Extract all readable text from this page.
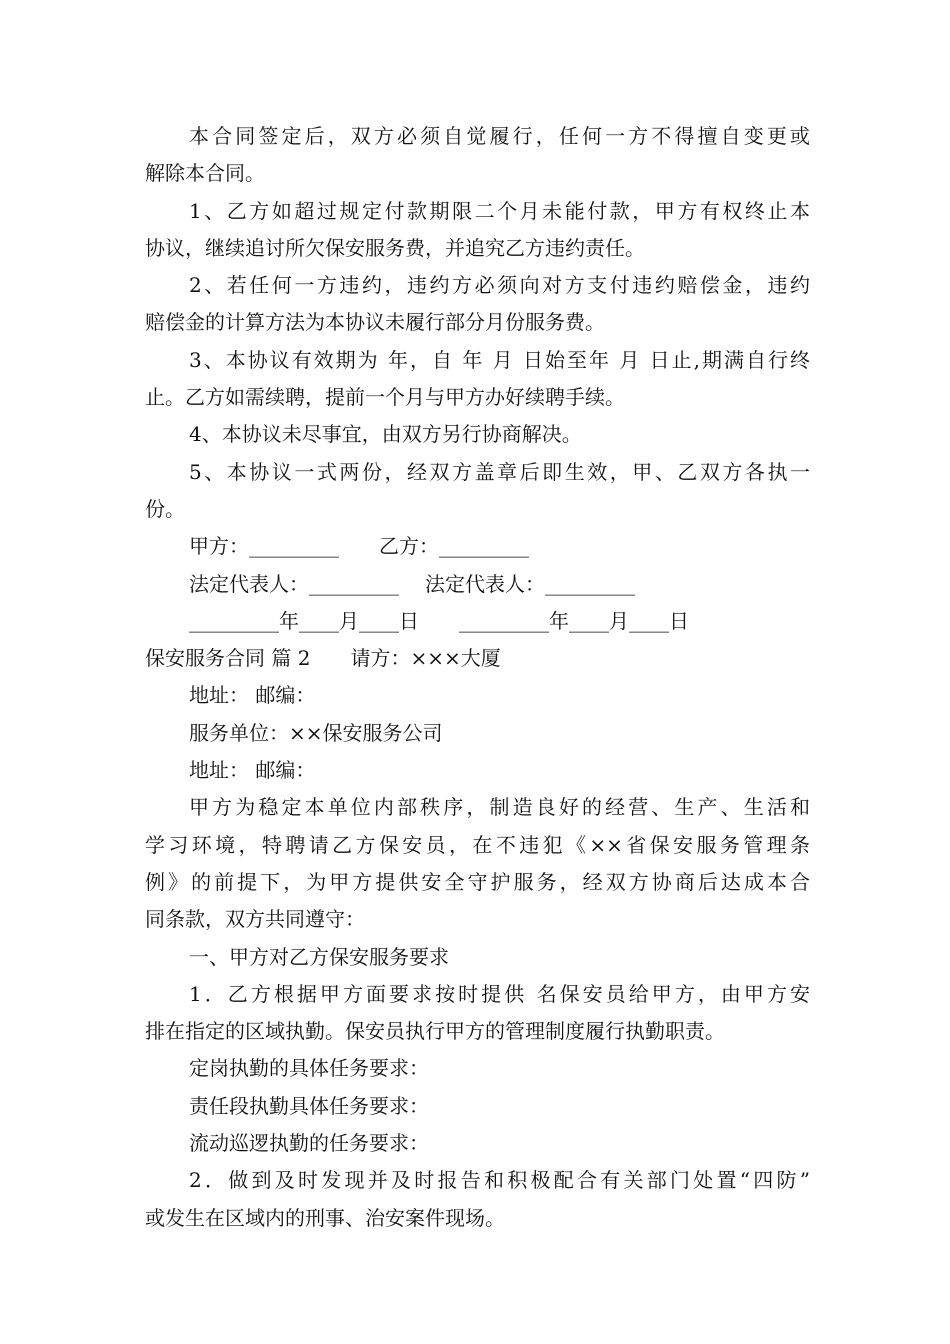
本合同签定后，双方必须自觉履行，任何一方不得擅自变更或
解除本合同。
1、乙方如超过规定付款期限二个月未能付款，甲方有权终止本
协议，继续追讨所欠保安服务费，并追究乙方违约责任。
2、若任何一方违约，违约方必须向对方支付违约赔偿金，违约
赔偿金的计算方法为本协议未履行部分月份服务费。
3、本协议有效期为 年，自 年 月 日始至年 月 日止,期满自行终
止。乙方如需续聘，提前一个月与甲方办好续聘手续。
4、本协议未尽事宜，由双方另行协商解决。
5、本协议一式两份，经双方盖章后即生效，甲、乙双方各执一
份。
甲方：_________ 乙方：_________
法定代表人：_________ 法定代表人：_________
_________年____月____日 _________年____月____日
保安服务合同 篇 2 请方：×××大厦
地址： 邮编：
服务单位：××保安服务公司
地址： 邮编：
甲方为稳定本单位内部秩序，制造良好的经营、生产、生活和
学习环境，特聘请乙方保安员，在不违犯《××省保安服务管理条
例》的前提下，为甲方提供安全守护服务，经双方协商后达成本合
同条款，双方共同遵守：
一、甲方对乙方保安服务要求
1．乙方根据甲方面要求按时提供 名保安员给甲方，由甲方安
排在指定的区域执勤。保安员执行甲方的管理制度履行执勤职责。
定岗执勤的具体任务要求：
责任段执勤具体任务要求：
流动巡逻执勤的任务要求：
2．做到及时发现并及时报告和积极配合有关部门处置“四防”
或发生在区域内的刑事、治安案件现场。
